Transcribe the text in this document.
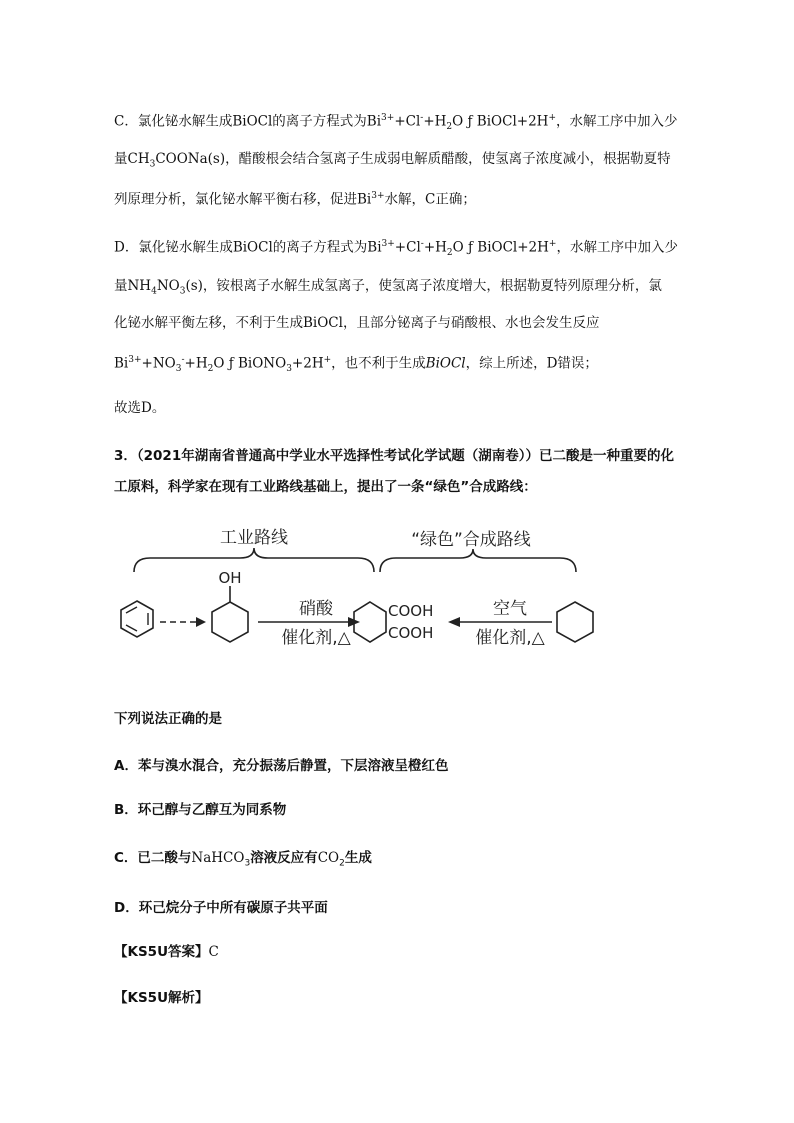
C．氯化铋水解生成BiOCl的离子方程式为$Bi^{3+}+Cl^-+H_2O$ ƒ BiOCl+2H+，水解工序中加入少
量$CH_3COONa(s)$，醋酸根会结合氢离子生成弱电解质醋酸，使氢离子浓度减小，根据勒夏特
列原理分析，氯化铋水解平衡右移，促进$Bi^{3+}$水解，C正确；
D．氯化铋水解生成BiOCl的离子方程式为$Bi^{3+}+Cl^-+H_2O$ ƒ BiOCl+2H+，水解工序中加入少
量$NH_4NO_3(s)$，铵根离子水解生成氢离子，使氢离子浓度增大，根据勒夏特列原理分析，氯
化铋水解平衡左移，不利于生成BiOCl，且部分铋离子与硝酸根、水也会发生反应
$Bi^{3+}+NO_3^-+H_2O$ ƒ BiONO$_3$+2H+，也不利于生成BiOCl，综上所述，D错误；
故选D。
3．（2021年湖南省普通高中学业水平选择性考试化学试题（湖南卷））已二酸是一种重要的化
工原料，科学家在现有工业路线基础上，提出了一条“绿色”合成路线：
工业路线	“绿色”合成路线
OH
硝酸
催化剂,△
COOH
COOH
空气
催化剂,△
下列说法正确的是
A．苯与溴水混合，充分振荡后静置，下层溶液呈橙红色
B．环己醇与乙醇互为同系物
C．已二酸与NaHCO$_3$溶液反应有$CO_2$生成
D．环己烷分子中所有碳原子共平面
【KS5U答案】C
【KS5U解析】
